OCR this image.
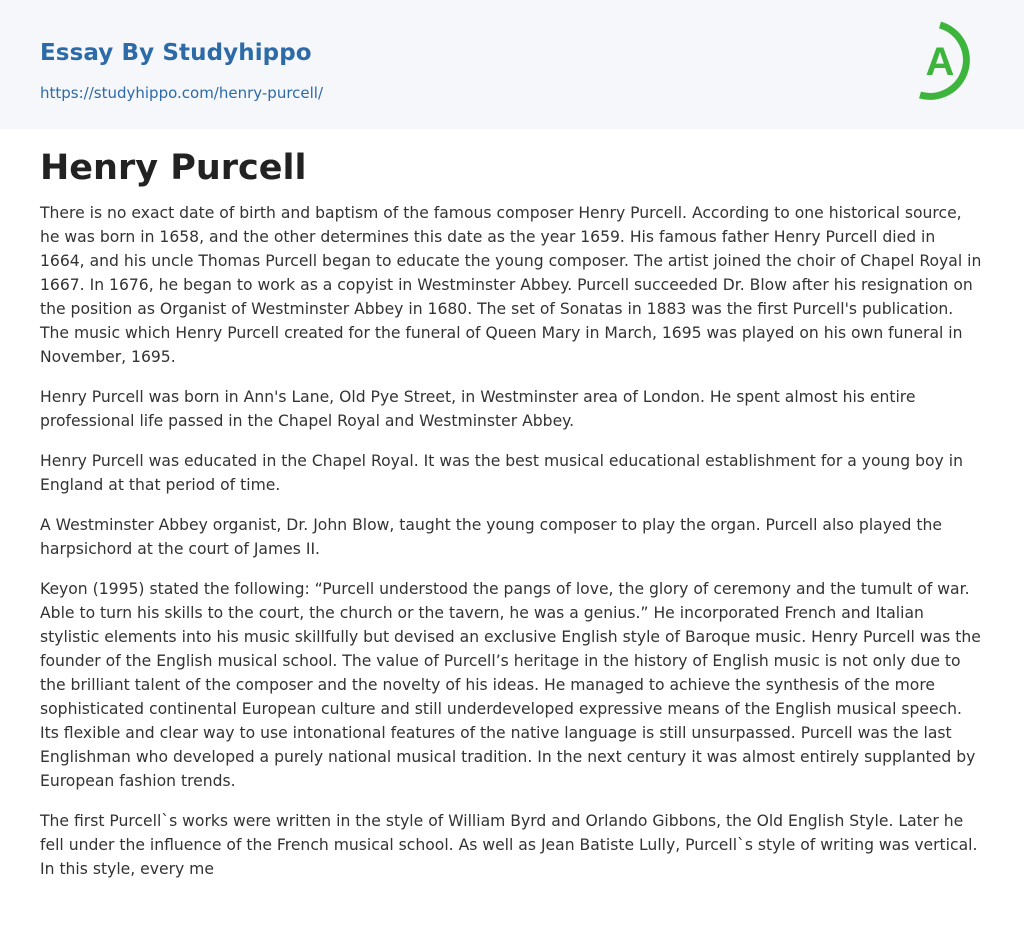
Essay By Studyhippo
https://studyhippo.com/henry-purcell/
A
Henry Purcell

There is no exact date of birth and baptism of the famous composer Henry Purcell. According to one historical source, he was born in 1658, and the other determines this date as the year 1659. His famous father Henry Purcell died in 1664, and his uncle Thomas Purcell began to educate the young composer. The artist joined the choir of Chapel Royal in 1667. In 1676, he began to work as a copyist in Westminster Abbey. Purcell succeeded Dr. Blow after his resignation on the position as Organist of Westminster Abbey in 1680. The set of Sonatas in 1883 was the first Purcell's publication. The music which Henry Purcell created for the funeral of Queen Mary in March, 1695 was played on his own funeral in November, 1695.

Henry Purcell was born in Ann's Lane, Old Pye Street, in Westminster area of London. He spent almost his entire professional life passed in the Chapel Royal and Westminster Abbey.

Henry Purcell was educated in the Chapel Royal. It was the best musical educational establishment for a young boy in England at that period of time.

A Westminster Abbey organist, Dr. John Blow, taught the young composer to play the organ. Purcell also played the harpsichord at the court of James II.

Keyon (1995) stated the following: “Purcell understood the pangs of love, the glory of ceremony and the tumult of war. Able to turn his skills to the court, the church or the tavern, he was a genius.” He incorporated French and Italian stylistic elements into his music skillfully but devised an exclusive English style of Baroque music. Henry Purcell was the founder of the English musical school. The value of Purcell’s heritage in the history of English music is not only due to the brilliant talent of the composer and the novelty of his ideas. He managed to achieve the synthesis of the more sophisticated continental European culture and still underdeveloped expressive means of the English musical speech. Its flexible and clear way to use intonational features of the native language is still unsurpassed. Purcell was the last Englishman who developed a purely national musical tradition. In the next century it was almost entirely supplanted by European fashion trends.

The first Purcell`s works were written in the style of William Byrd and Orlando Gibbons, the Old English Style. Later he fell under the influence of the French musical school. As well as Jean Batiste Lully, Purcell`s style of writing was vertical. In this style, every me
